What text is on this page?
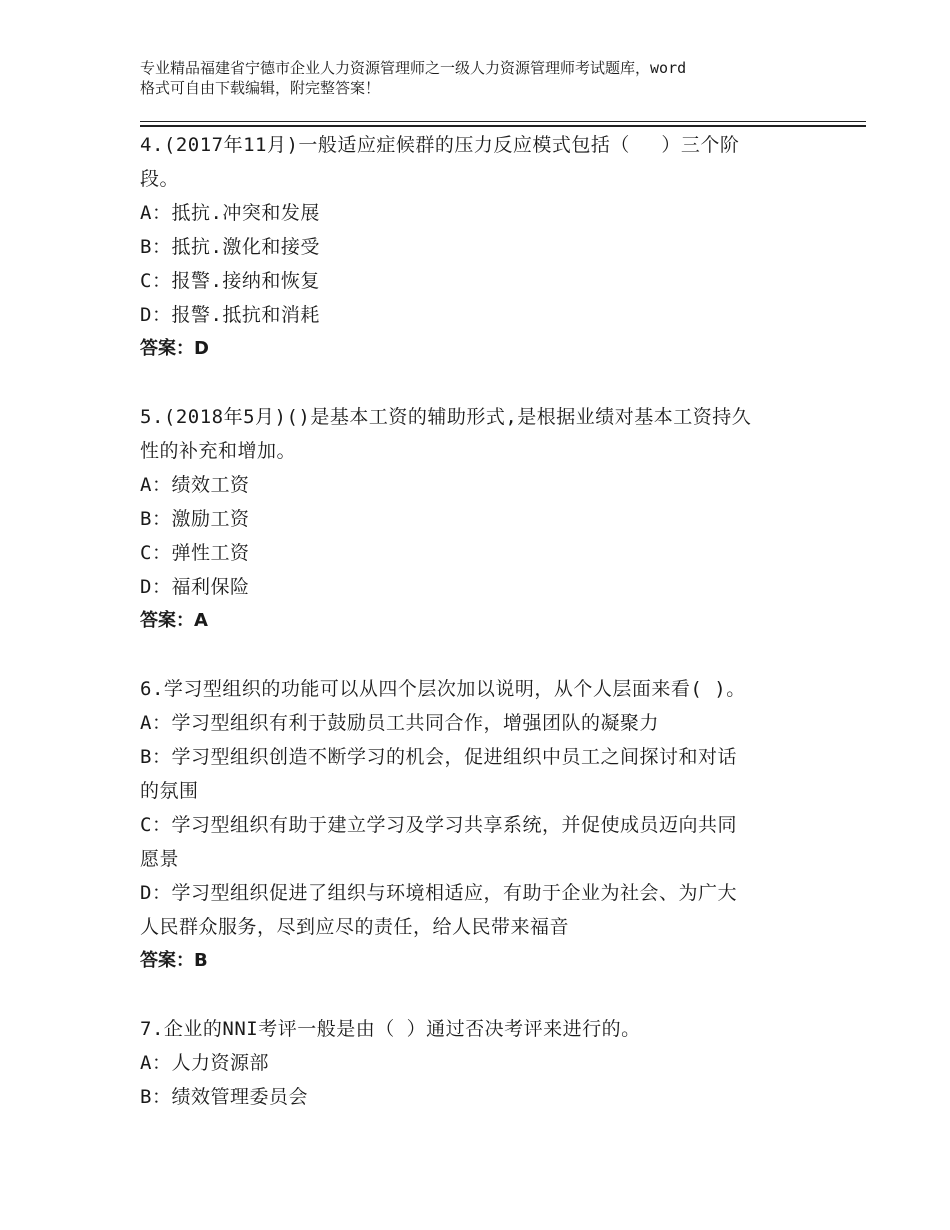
专业精品福建省宁德市企业人力资源管理师之一级人力资源管理师考试题库，word
格式可自由下载编辑，附完整答案！
4.(2017年11月)一般适应症候群的压力反应模式包括（　 ）三个阶
段。
A：抵抗.冲突和发展
B：抵抗.激化和接受
C：报警.接纳和恢复
D：报警.抵抗和消耗
答案：D
5.(2018年5月)()是基本工资的辅助形式,是根据业绩对基本工资持久
性的补充和增加。
A：绩效工资
B：激励工资
C：弹性工资
D：福利保险
答案：A
6.学习型组织的功能可以从四个层次加以说明，从个人层面来看( )。
A：学习型组织有利于鼓励员工共同合作，增强团队的凝聚力
B：学习型组织创造不断学习的机会，促进组织中员工之间探讨和对话
的氛围
C：学习型组织有助于建立学习及学习共享系统，并促使成员迈向共同
愿景
D：学习型组织促进了组织与环境相适应，有助于企业为社会、为广大
人民群众服务，尽到应尽的责任，给人民带来福音
答案：B
7.企业的NNI考评一般是由（ ）通过否决考评来进行的。
A：人力资源部
B：绩效管理委员会
